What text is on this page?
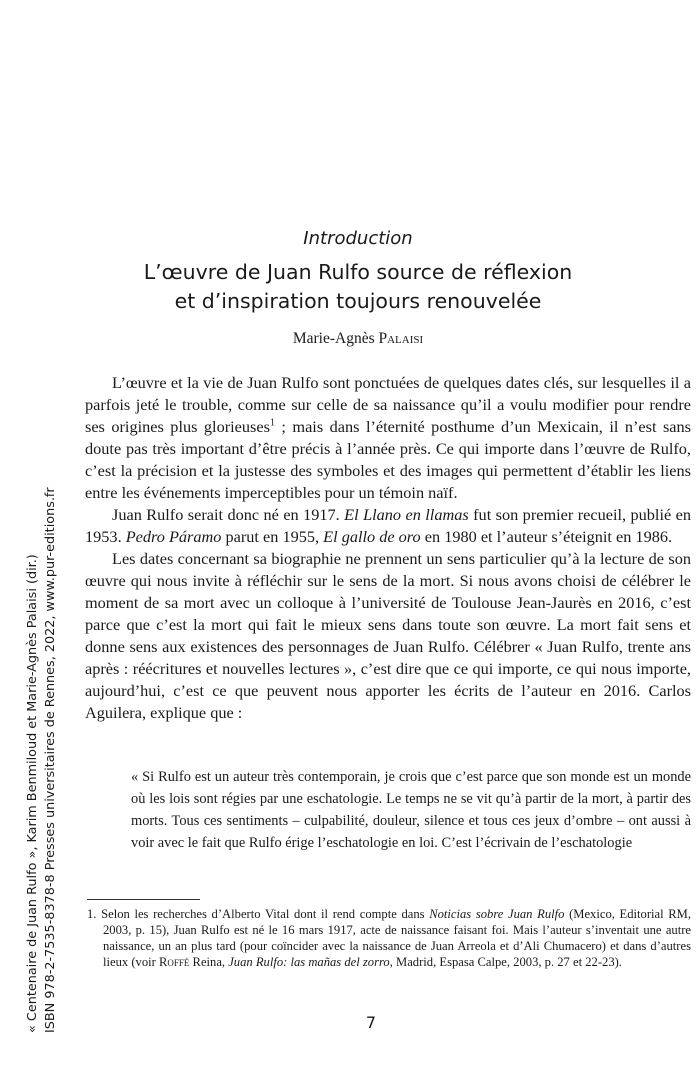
Introduction
L’œuvre de Juan Rulfo source de réflexion
et d’inspiration toujours renouvelée
Marie-Agnès Palaisi

L’œuvre et la vie de Juan Rulfo sont ponctuées de quelques dates clés, sur lesquelles il a parfois jeté le trouble, comme sur celle de sa naissance qu’il a voulu modifier pour rendre ses origines plus glorieuses$^1$ ; mais dans l’éternité posthume d’un Mexicain, il n’est sans doute pas très important d’être précis à l’année près. Ce qui importe dans l’œuvre de Rulfo, c’est la précision et la justesse des symboles et des images qui permettent d’établir les liens entre les événements imperceptibles pour un témoin naïf.

Juan Rulfo serait donc né en 1917. El Llano en llamas fut son premier recueil, publié en 1953. Pedro Páramo parut en 1955, El gallo de oro en 1980 et l’auteur s’éteignit en 1986.

Les dates concernant sa biographie ne prennent un sens particulier qu’à la lecture de son œuvre qui nous invite à réfléchir sur le sens de la mort. Si nous avons choisi de célébrer le moment de sa mort avec un colloque à l’université de Toulouse Jean-Jaurès en 2016, c’est parce que c’est la mort qui fait le mieux sens dans toute son œuvre. La mort fait sens et donne sens aux existences des personnages de Juan Rulfo. Célébrer « Juan Rulfo, trente ans après : réécritures et nouvelles lectures », c’est dire que ce qui importe, ce qui nous importe, aujourd’hui, c’est ce que peuvent nous apporter les écrits de l’auteur en 2016. Carlos Aguilera, explique que :

« Si Rulfo est un auteur très contemporain, je crois que c’est parce que son monde est un monde où les lois sont régies par une eschatologie. Le temps ne se vit qu’à partir de la mort, à partir des morts. Tous ces sentiments – culpabilité, douleur, silence et tous ces jeux d’ombre – ont aussi à voir avec le fait que Rulfo érige l’eschatologie en loi. C’est l’écrivain de l’eschatologie

1. Selon les recherches d’Alberto Vital dont il rend compte dans Noticias sobre Juan Rulfo (Mexico, Editorial RM, 2003, p. 15), Juan Rulfo est né le 16 mars 1917, acte de naissance faisant foi. Mais l’auteur s’inventait une autre naissance, un an plus tard (pour coïncider avec la naissance de Juan Arreola et d’Ali Chumacero) et dans d’autres lieux (voir Roffé Reina, Juan Rulfo: las mañas del zorro, Madrid, Espasa Calpe, 2003, p. 27 et 22-23).

7
« Centenaire de Juan Rulfo », Karim Benmiloud et Marie-Agnès Palaisi (dir.) ISBN 978-2-7535-8378-8 Presses universitaires de Rennes, 2022, www.pur-editions.fr
